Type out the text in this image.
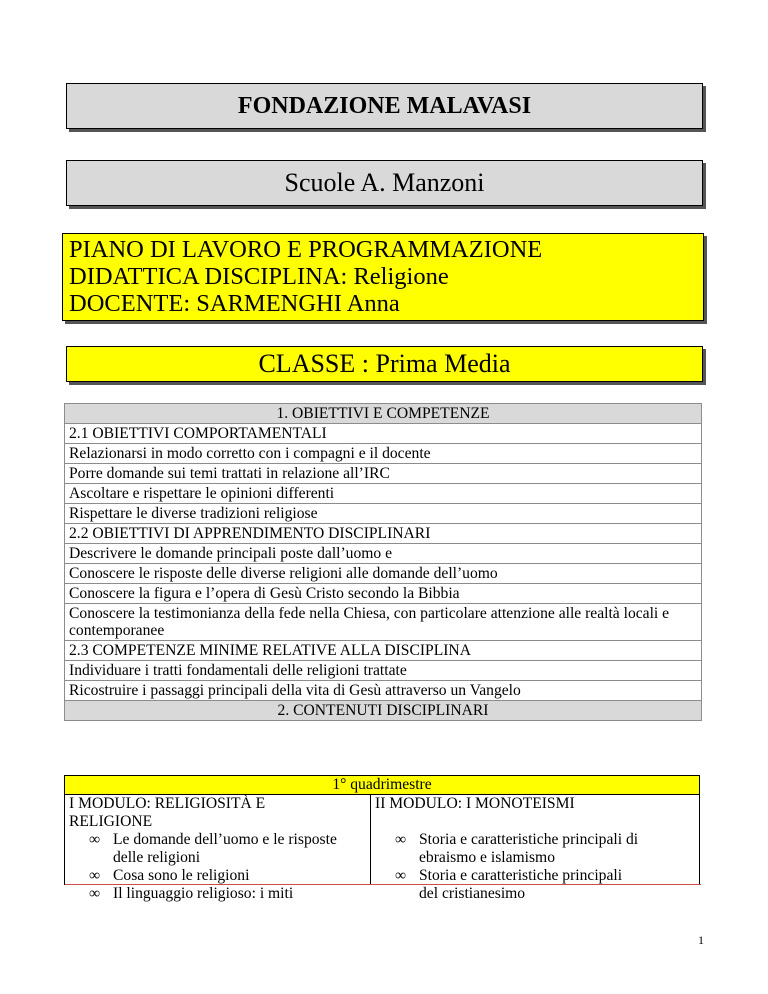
FONDAZIONE MALAVASI
Scuole A. Manzoni
PIANO DI LAVORO E PROGRAMMAZIONE
DIDATTICA DISCIPLINA: Religione
DOCENTE: SARMENGHI Anna
CLASSE : Prima Media
1. OBIETTIVI E COMPETENZE
2.1 OBIETTIVI COMPORTAMENTALI
Relazionarsi in modo corretto con i compagni e il docente
Porre domande sui temi trattati in relazione all’IRC
Ascoltare e rispettare le opinioni differenti
Rispettare le diverse tradizioni religiose
2.2 OBIETTIVI DI APPRENDIMENTO DISCIPLINARI
Descrivere le domande principali poste dall’uomo e
Conoscere le risposte delle diverse religioni alle domande dell’uomo
Conoscere la figura e l’opera di Gesù Cristo secondo la Bibbia
Conoscere la testimonianza della fede nella Chiesa, con particolare attenzione alle realtà locali e contemporanee
2.3 COMPETENZE MINIME RELATIVE ALLA DISCIPLINA
Individuare i tratti fondamentali delle religioni trattate
Ricostruire i passaggi principali della vita di Gesù attraverso un Vangelo
2. CONTENUTI DISCIPLINARI
1° quadrimestre
I MODULO: RELIGIOSITÀ E
RELIGIONE
∞ Le domande dell’uomo e le risposte
delle religioni
∞ Cosa sono le religioni
∞ Il linguaggio religioso: i miti
II MODULO: I MONOTEISMI
∞ Storia e caratteristiche principali di
ebraismo e islamismo
∞ Storia e caratteristiche principali
del cristianesimo
1
